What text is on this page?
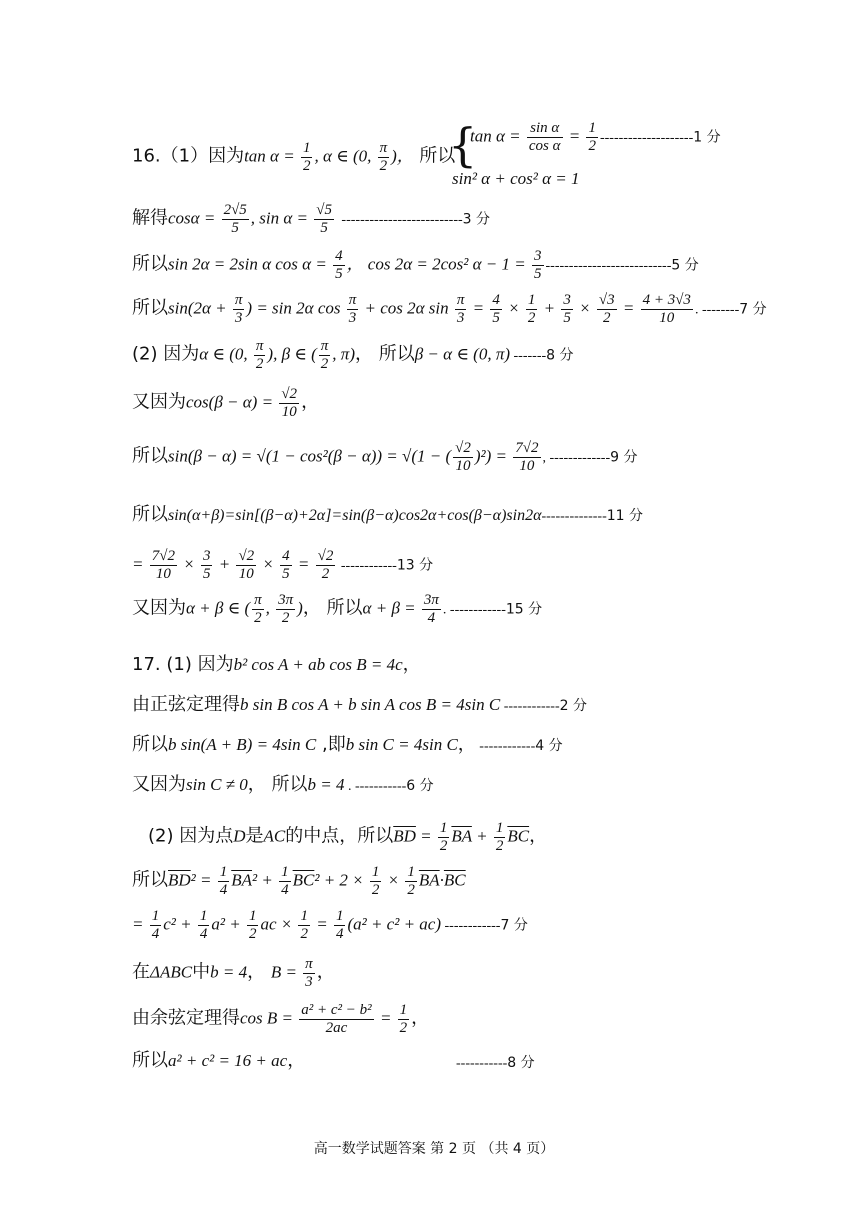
16.（1）因为$\tan \alpha = \frac{1}{2}$ , α ∈ (0, $\frac{\pi}{2}$ )， 所以
{
$\tan \alpha = \frac{\text{sin α}}{\text{cos α}} = \frac{1}{2} --------------------1$ 分
sin² α + cos² α = 1
解得$\cos\alpha = \frac{2√5}{5}$ , $\sin \alpha = \frac{√5}{5} --------------------------3$ 分
所以sin 2α = 2sin α $\cos \alpha = \frac{4}{5}$ ， cos 2α = 2cos² $\alpha - 1 = \frac{3}{5} ---------------------------5$ 分
所以$\sin(2\alpha + \frac{\pi}{3}$ ) = sin 2α $\cos \frac{\pi}{3} + \cos 2\alpha$ $\sin \frac{\pi}{3} = \frac{4}{5} \times \frac{1}{2} + \frac{3}{5} \times \frac{√3}{2} = \frac{4 + 3√3}{10}$ . --------7 分
(2) 因为α ∈ (0, $\frac{\pi}{2}$ ), β ∈ ( $\frac{\pi}{2}$ , π)， 所以β − α ∈ (0, π) -------8 分
又因为$\cos(\beta - \alpha) = \frac{√2}{10}$ ，
所以sin(β − α) = √(1 − cos²(β − α)) = √(1 − ( $\frac{√2}{10} )^2) = \frac{7√2}{10}$ , -------------9 分
所以sin(α+β)=sin[(β−α)+2α]=sin(β−α)cos2α+cos(β−α)sin2α--------------11 分
= $\frac{7√2}{10} \times \frac{3}{5} + \frac{√2}{10} \times \frac{4}{5} = \frac{√2}{2} ------------13$ 分
又因为α + β ∈ ( $\frac{\pi}{2}$ , $\frac{3\pi}{2}$ )， 所以$\alpha + \beta = \frac{3\pi}{4}$ . ------------15 分
17. (1) 因为b² cos A + ab cos B = 4c，
由正弦定理得b sin B cos A + b sin A cos B = 4sin C ------------2 分
所以b sin(A + B) = 4sin C ,即b sin C = 4sin C， ------------4 分
又因为sin C ≠ 0， 所以b = 4 . -----------6 分
(2) 因为点D是AC的中点，所以$\overline{BD} = \frac{1}{2} \overline{BA} + \frac{1}{2} \overline{BC}$，
所以$\overline{BD}^2 = \frac{1}{4} \overline{BA}^2 + \frac{1}{4} \overline{BC}^2 + 2 \times \frac{1}{2} \times \frac{1}{2} \overline{BA}\cdot\overline{BC}$
= $\frac{1}{4} c^2 + \frac{1}{4} a^2 + \frac{1}{2}$ ac × $\frac{1}{2} = \frac{1}{4} (a^2 + c^2 + ac)$ ------------7 分
在ΔABC中b = 4， $B = \frac{\pi}{3}$ ，
由余弦定理得$\cos B = \frac{\text{a² + c² − b²}}{2ac} = \frac{1}{2}$ ，
所以a² + c² = 16 + ac，	-----------8 分
高一数学试题答案 第 2 页 （共 4 页）
